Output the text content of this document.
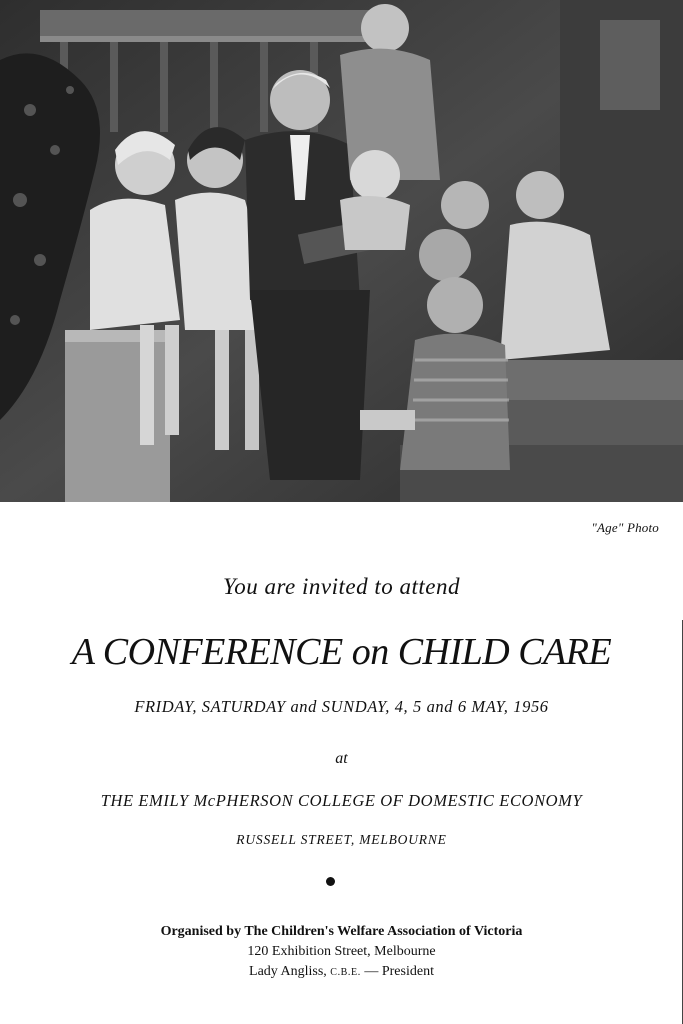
"Age" Photo
You are invited to attend
A CONFERENCE on CHILD CARE
FRIDAY, SATURDAY and SUNDAY, 4, 5 and 6 MAY, 1956
at
THE EMILY McPHERSON COLLEGE OF DOMESTIC ECONOMY
RUSSELL STREET, MELBOURNE
Organised by The Children's Welfare Association of Victoria
120 Exhibition Street, Melbourne
Lady Angliss, C.B.E. — President
